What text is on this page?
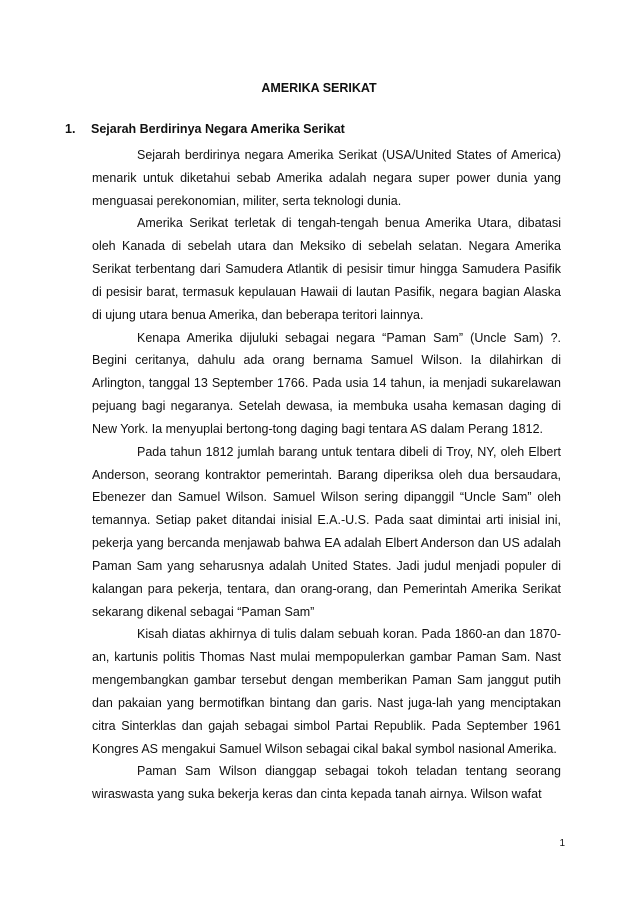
AMERIKA SERIKAT
1. Sejarah Berdirinya Negara Amerika Serikat

Sejarah berdirinya negara Amerika Serikat (USA/United States of America) menarik untuk diketahui sebab Amerika adalah negara super power dunia yang menguasai perekonomian, militer, serta teknologi dunia.

Amerika Serikat terletak di tengah-tengah benua Amerika Utara, dibatasi oleh Kanada di sebelah utara dan Meksiko di sebelah selatan. Negara Amerika Serikat terbentang dari Samudera Atlantik di pesisir timur hingga Samudera Pasifik di pesisir barat, termasuk kepulauan Hawaii di lautan Pasifik, negara bagian Alaska di ujung utara benua Amerika, dan beberapa teritori lainnya.

Kenapa Amerika dijuluki sebagai negara “Paman Sam” (Uncle Sam) ?. Begini ceritanya, dahulu ada orang bernama Samuel Wilson. Ia dilahirkan di Arlington, tanggal 13 September 1766. Pada usia 14 tahun, ia menjadi sukarelawan pejuang bagi negaranya. Setelah dewasa, ia membuka usaha kemasan daging di New York. Ia menyuplai bertong-tong daging bagi tentara AS dalam Perang 1812.

Pada tahun 1812 jumlah barang untuk tentara dibeli di Troy, NY, oleh Elbert Anderson, seorang kontraktor pemerintah. Barang diperiksa oleh dua bersaudara, Ebenezer dan Samuel Wilson. Samuel Wilson sering dipanggil “Uncle Sam” oleh temannya. Setiap paket ditandai inisial E.A.-U.S. Pada saat dimintai arti inisial ini, pekerja yang bercanda menjawab bahwa EA adalah Elbert Anderson dan US adalah Paman Sam yang seharusnya adalah United States. Jadi judul menjadi populer di kalangan para pekerja, tentara, dan orang-orang, dan Pemerintah Amerika Serikat sekarang dikenal sebagai “Paman Sam”

Kisah diatas akhirnya di tulis dalam sebuah koran. Pada 1860-an dan 1870-an, kartunis politis Thomas Nast mulai mempopulerkan gambar Paman Sam. Nast mengembangkan gambar tersebut dengan memberikan Paman Sam janggut putih dan pakaian yang bermotifkan bintang dan garis. Nast juga-lah yang menciptakan citra Sinterklas dan gajah sebagai simbol Partai Republik. Pada September 1961 Kongres AS mengakui Samuel Wilson sebagai cikal bakal symbol nasional Amerika.

Paman Sam Wilson dianggap sebagai tokoh teladan tentang seorang wiraswasta yang suka bekerja keras dan cinta kepada tanah airnya. Wilson wafat

1
